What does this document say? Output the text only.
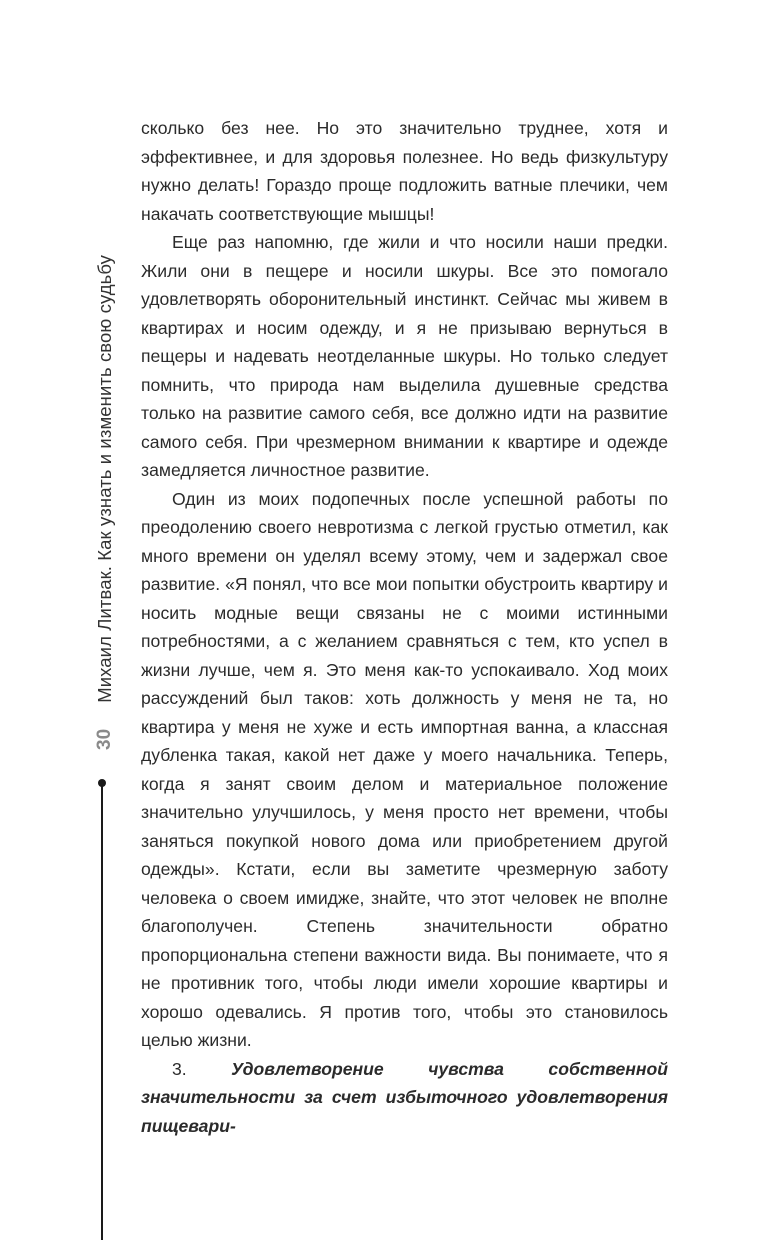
Михаил Литвак. Как узнать и изменить свою судьбу
30

сколько без нее. Но это значительно труднее, хотя и эффективнее, и для здоровья полезнее. Но ведь физкультуру нужно делать! Гораздо проще подложить ватные плечики, чем накачать соответствующие мышцы!

Еще раз напомню, где жили и что носили наши предки. Жили они в пещере и носили шкуры. Все это помогало удовлетворять оборонительный инстинкт. Сейчас мы живем в квартирах и носим одежду, и я не призываю вернуться в пещеры и надевать неотделанные шкуры. Но только следует помнить, что природа нам выделила душевные средства только на развитие самого себя, все должно идти на развитие самого себя. При чрезмерном внимании к квартире и одежде замедляется личностное развитие.

Один из моих подопечных после успешной работы по преодолению своего невротизма с легкой грустью отметил, как много времени он уделял всему этому, чем и задержал свое развитие. «Я понял, что все мои попытки обустроить квартиру и носить модные вещи связаны не с моими истинными потребностями, а с желанием сравняться с тем, кто успел в жизни лучше, чем я. Это меня как-то успокаивало. Ход моих рассуждений был таков: хоть должность у меня не та, но квартира у меня не хуже и есть импортная ванна, а классная дубленка такая, какой нет даже у моего начальника. Теперь, когда я занят своим делом и материальное положение значительно улучшилось, у меня просто нет времени, чтобы заняться покупкой нового дома или приобретением другой одежды». Кстати, если вы заметите чрезмерную заботу человека о своем имидже, знайте, что этот человек не вполне благополучен. Степень значительности обратно пропорциональна степени важности вида. Вы понимаете, что я не противник того, чтобы люди имели хорошие квартиры и хорошо одевались. Я против того, чтобы это становилось целью жизни.

3.	Удовлетворение чувства собственной значительности за счет избыточного удовлетворения пищевари-
